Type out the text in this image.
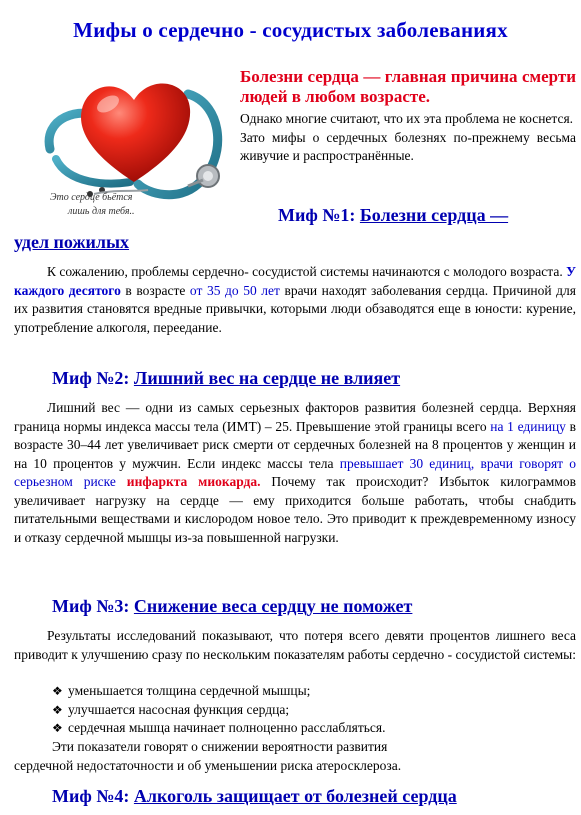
Мифы о сердечно - сосудистых заболеваниях
Это сердце бьётся
лишь для тебя..
Болезни сердца — главная причина смерти людей в любом возрасте.
Однако многие считают, что их эта проблема не коснется.
Зато мифы о сердечных болезнях по-прежнему весьма живучие и распространённые.
Миф №1: Болезни сердца —
удел пожилых
К сожалению, проблемы сердечно- сосудистой системы начинаются с молодого возраста. У каждого десятого в возрасте от 35 до 50 лет врачи находят заболевания сердца. Причиной для их развития становятся вредные привычки, которыми люди обзаводятся еще в юности: курение, употребление алкоголя, переедание.
Миф №2: Лишний вес на сердце не влияет
Лишний вес — одни из самых серьезных факторов развития болезней сердца. Верхняя граница нормы индекса массы тела (ИМТ) – 25. Превышение этой границы всего на 1 единицу в возрасте 30–44 лет увеличивает риск смерти от сердечных болезней на 8 процентов у женщин и на 10 процентов у мужчин. Если индекс массы тела превышает 30 единиц, врачи говорят о серьезном риске инфаркта миокарда. Почему так происходит? Избыток килограммов увеличивает нагрузку на сердце — ему приходится больше работать, чтобы снабдить питательными веществами и кислородом новое тело. Это приводит к преждевременному износу и отказу сердечной мышцы из-за повышенной нагрузки.
Миф №3: Снижение веса сердцу не поможет
Результаты исследований показывают, что потеря всего девяти процентов лишнего веса приводит к улучшению сразу по нескольким показателям работы сердечно - сосудистой системы:
❖ уменьшается толщина сердечной мышцы;
❖ улучшается насосная функция сердца;
❖ сердечная мышца начинает полноценно расслабляться.
Эти показатели говорят о снижении вероятности развития
сердечной недостаточности и об уменьшении риска атеросклероза.
Миф №4: Алкоголь защищает от болезней сердца
